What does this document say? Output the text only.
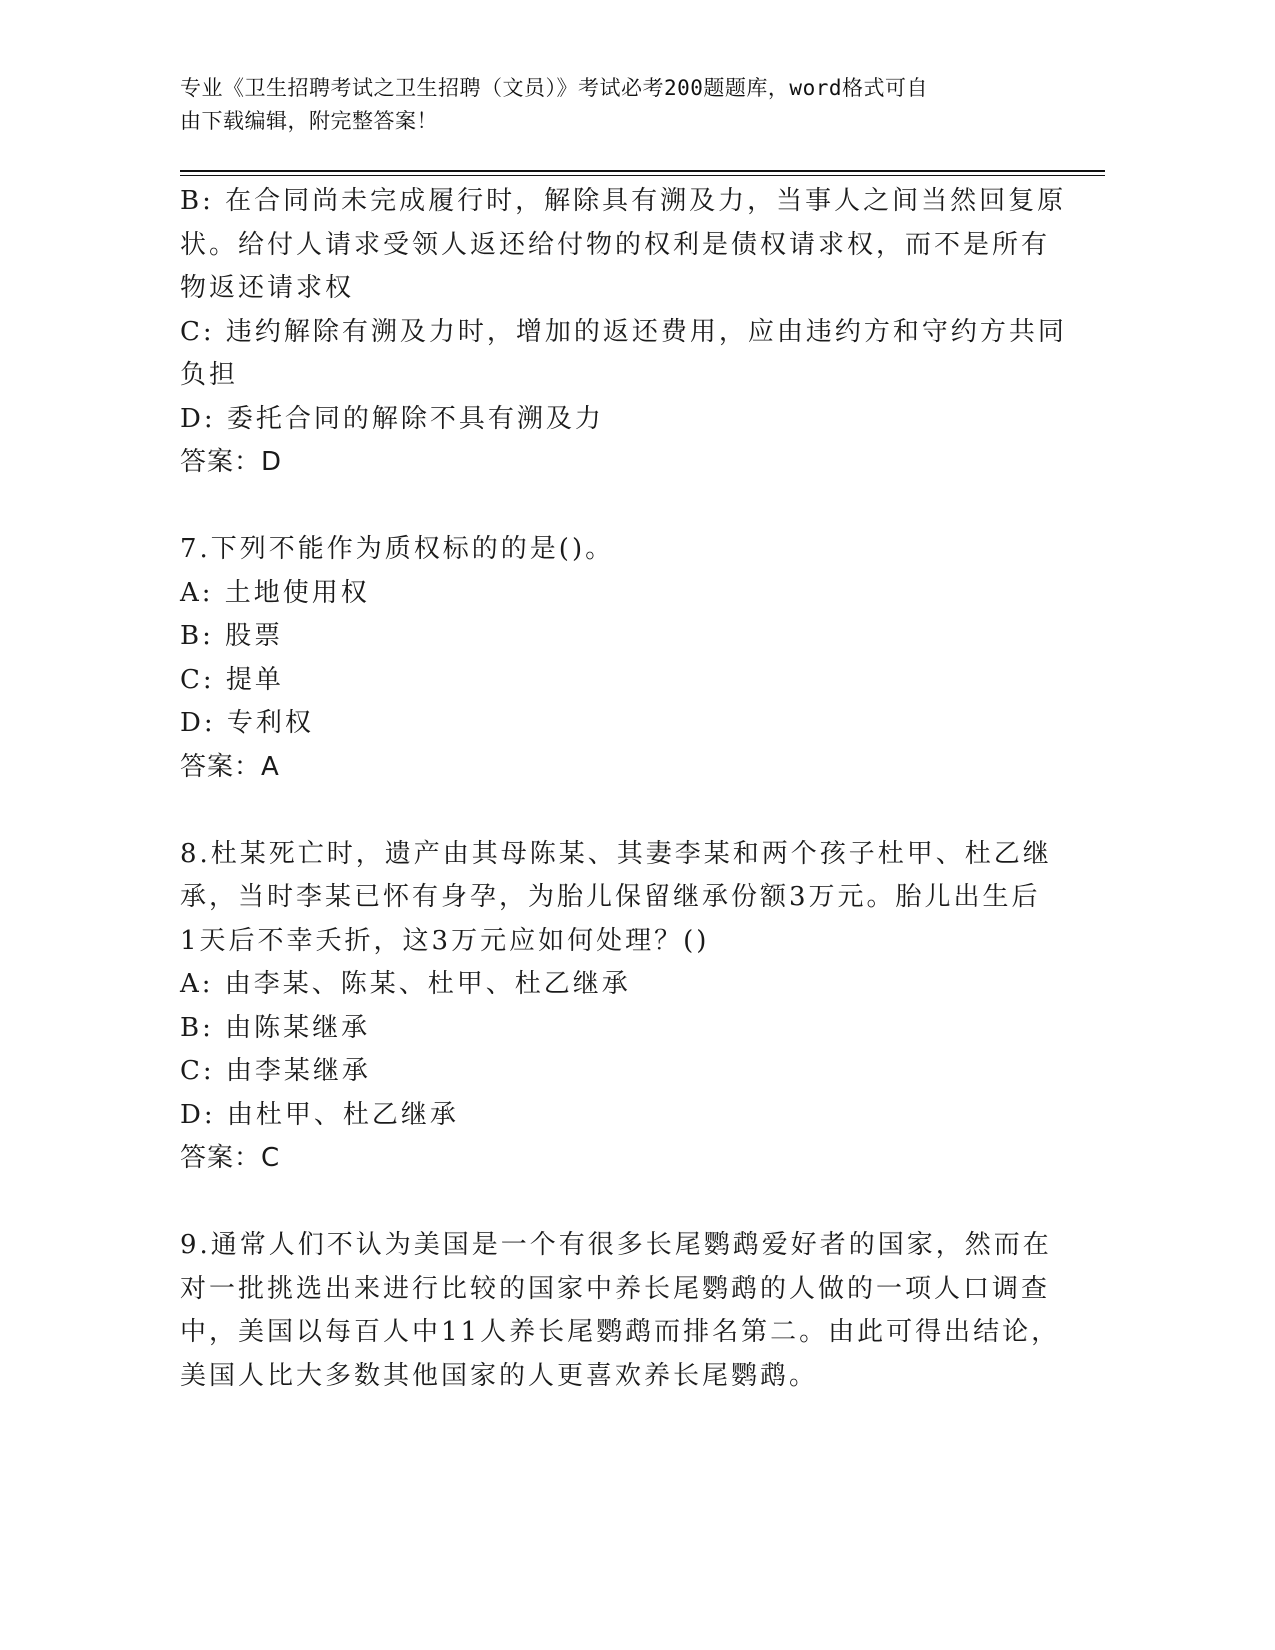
专业《卫生招聘考试之卫生招聘（文员）》考试必考200题题库，word格式可自
由下载编辑，附完整答案！
B: 在合同尚未完成履行时，解除具有溯及力，当事人之间当然回复原
状。给付人请求受领人返还给付物的权利是债权请求权，而不是所有
物返还请求权
C: 违约解除有溯及力时，增加的返还费用，应由违约方和守约方共同
负担
D: 委托合同的解除不具有溯及力
答案：D
7.下列不能作为质权标的的是()。
A: 土地使用权
B: 股票
C: 提单
D: 专利权
答案：A
8.杜某死亡时，遗产由其母陈某、其妻李某和两个孩子杜甲、杜乙继
承，当时李某已怀有身孕，为胎儿保留继承份额3万元。胎儿出生后
1天后不幸夭折，这3万元应如何处理？()
A: 由李某、陈某、杜甲、杜乙继承
B: 由陈某继承
C: 由李某继承
D: 由杜甲、杜乙继承
答案：C
9.通常人们不认为美国是一个有很多长尾鹦鹉爱好者的国家，然而在
对一批挑选出来进行比较的国家中养长尾鹦鹉的人做的一项人口调查
中，美国以每百人中11人养长尾鹦鹉而排名第二。由此可得出结论，
美国人比大多数其他国家的人更喜欢养长尾鹦鹉。
